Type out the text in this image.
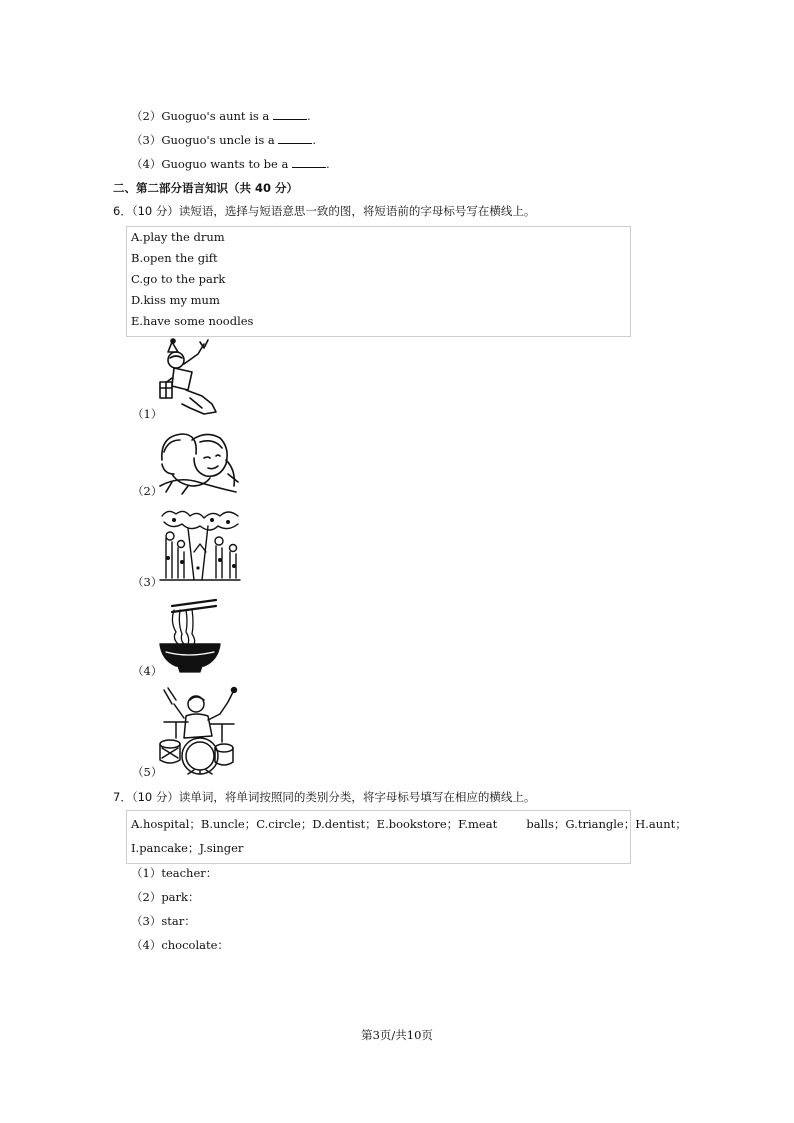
（2）Guoguo's aunt is a	.
（3）Guoguo's uncle is a	.
（4）Guoguo wants to be a	.
二、第二部分语言知识（共 40 分）
6．（10 分）读短语，选择与短语意思一致的图，将短语前的字母标号写在横线上。
A.play the drum
B.open the gift
C.go to the park
D.kiss my mum
E.have some noodles
（1）
（2）
（3）
（4）
（5）
7．（10 分）读单词，将单词按照同的类别分类，将字母标号填写在相应的横线上。
A.hospital；B.uncle；C.circle；D.dentist；E.bookstore；F.meat        balls；G.triangle；H.aunt；
I.pancake；J.singer
（1）teacher：
（2）park：
（3）star：
（4）chocolate：
第3页/共10页
